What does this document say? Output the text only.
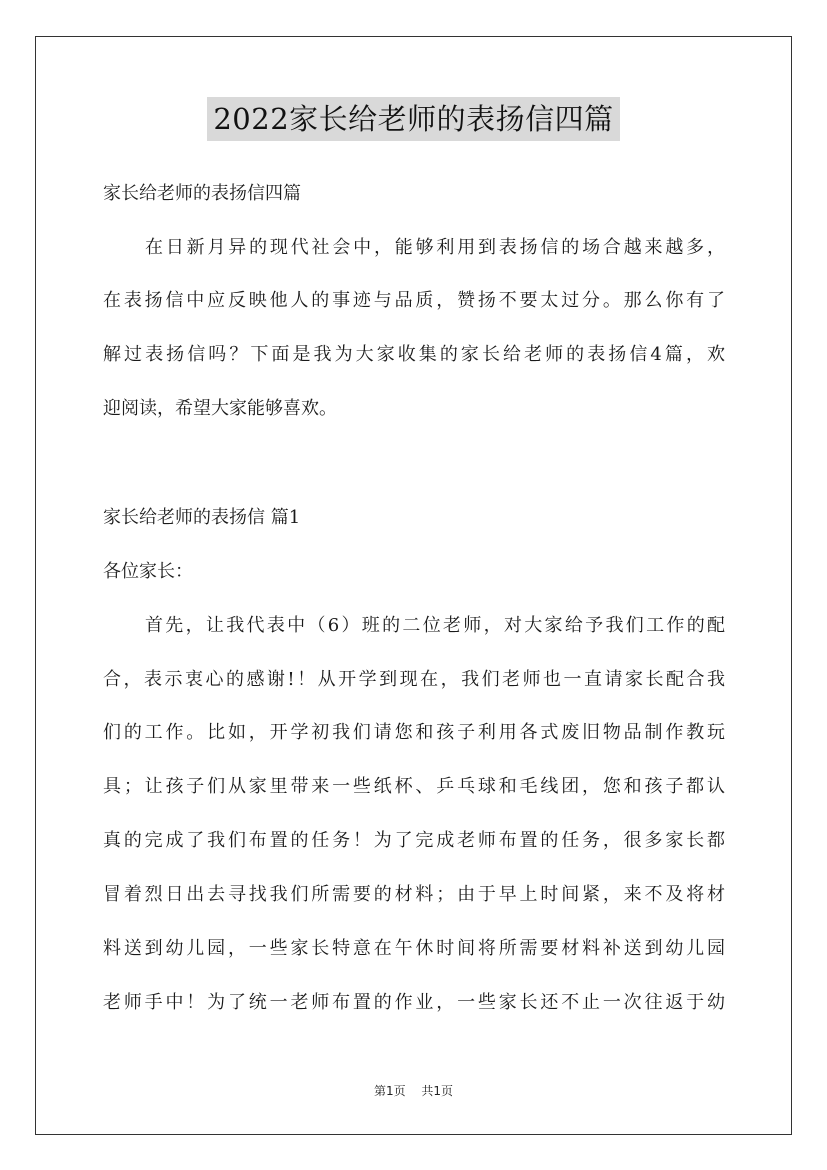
2022家长给老师的表扬信四篇

家长给老师的表扬信四篇

在日新月异的现代社会中，能够利用到表扬信的场合越来越多，

在表扬信中应反映他人的事迹与品质，赞扬不要太过分。那么你有了

解过表扬信吗？下面是我为大家收集的家长给老师的表扬信4篇，欢

迎阅读，希望大家能够喜欢。

家长给老师的表扬信 篇1

各位家长：

首先，让我代表中（6）班的二位老师，对大家给予我们工作的配

合，表示衷心的感谢!！从开学到现在，我们老师也一直请家长配合我

们的工作。比如，开学初我们请您和孩子利用各式废旧物品制作教玩

具；让孩子们从家里带来一些纸杯、乒乓球和毛线团，您和孩子都认

真的完成了我们布置的任务！为了完成老师布置的任务，很多家长都

冒着烈日出去寻找我们所需要的材料；由于早上时间紧，来不及将材

料送到幼儿园，一些家长特意在午休时间将所需要材料补送到幼儿园

老师手中！为了统一老师布置的作业，一些家长还不止一次往返于幼

第1页 共1页
